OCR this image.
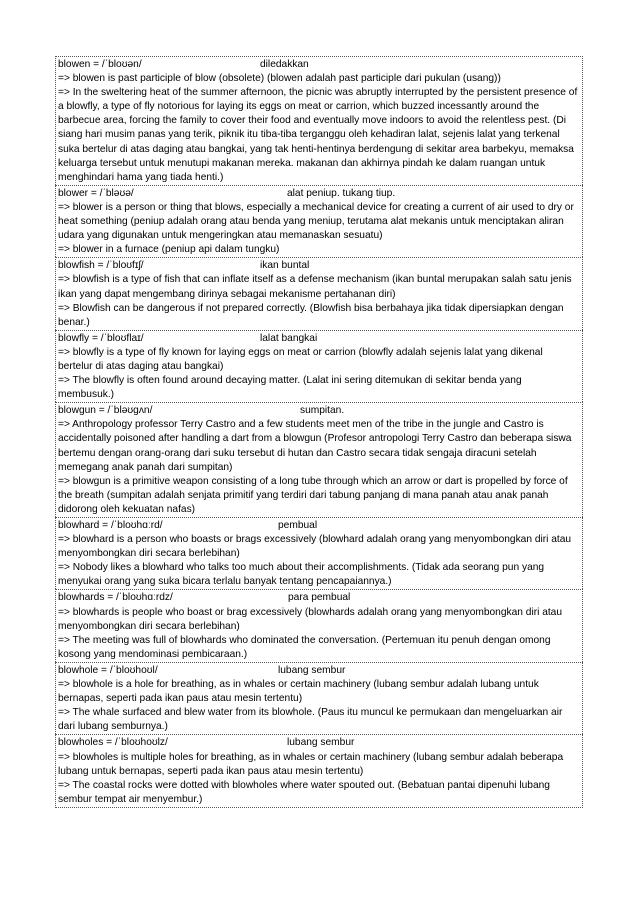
blowen = /ˈbloʊən/	diledakkan
=> blowen is past participle of blow (obsolete) (blowen adalah past participle dari pukulan (usang))
=> In the sweltering heat of the summer afternoon, the picnic was abruptly interrupted by the persistent presence of a blowfly, a type of fly notorious for laying its eggs on meat or carrion, which buzzed incessantly around the barbecue area, forcing the family to cover their food and eventually move indoors to avoid the relentless pest. (Di siang hari musim panas yang terik, piknik itu tiba-tiba terganggu oleh kehadiran lalat, sejenis lalat yang terkenal suka bertelur di atas daging atau bangkai, yang tak henti-hentinya berdengung di sekitar area barbekyu, memaksa keluarga tersebut untuk menutupi makanan mereka. makanan dan akhirnya pindah ke dalam ruangan untuk menghindari hama yang tiada henti.)
blower = /ˈbləʊə/	alat peniup. tukang tiup.
=> blower is a person or thing that blows, especially a mechanical device for creating a current of air used to dry or heat something (peniup adalah orang atau benda yang meniup, terutama alat mekanis untuk menciptakan aliran udara yang digunakan untuk mengeringkan atau memanaskan sesuatu)
=> blower in a furnace (peniup api dalam tungku)
blowfish = /ˈbloʊfɪʃ/	ikan buntal
=> blowfish is a type of fish that can inflate itself as a defense mechanism (ikan buntal merupakan salah satu jenis ikan yang dapat mengembang dirinya sebagai mekanisme pertahanan diri)
=> Blowfish can be dangerous if not prepared correctly. (Blowfish bisa berbahaya jika tidak dipersiapkan dengan benar.)
blowfly = /ˈbloʊflaɪ/	lalat bangkai
=> blowfly is a type of fly known for laying eggs on meat or carrion (blowfly adalah sejenis lalat yang dikenal bertelur di atas daging atau bangkai)
=> The blowfly is often found around decaying matter. (Lalat ini sering ditemukan di sekitar benda yang membusuk.)
blowgun = /ˈbləʊgʌn/	sumpitan.
=> Anthropology professor Terry Castro and a few students meet men of the tribe in the jungle and Castro is accidentally poisoned after handling a dart from a blowgun (Profesor antropologi Terry Castro dan beberapa siswa bertemu dengan orang-orang dari suku tersebut di hutan dan Castro secara tidak sengaja diracuni setelah memegang anak panah dari sumpitan)
=> blowgun is a primitive weapon consisting of a long tube through which an arrow or dart is propelled by force of the breath (sumpitan adalah senjata primitif yang terdiri dari tabung panjang di mana panah atau anak panah didorong oleh kekuatan nafas)
blowhard = /ˈbloʊhɑːrd/	pembual
=> blowhard is a person who boasts or brags excessively (blowhard adalah orang yang menyombongkan diri atau menyombongkan diri secara berlebihan)
=> Nobody likes a blowhard who talks too much about their accomplishments. (Tidak ada seorang pun yang menyukai orang yang suka bicara terlalu banyak tentang pencapaiannya.)
blowhards = /ˈbloʊhɑːrdz/	para pembual
=> blowhards is people who boast or brag excessively (blowhards adalah orang yang menyombongkan diri atau menyombongkan diri secara berlebihan)
=> The meeting was full of blowhards who dominated the conversation. (Pertemuan itu penuh dengan omong kosong yang mendominasi pembicaraan.)
blowhole = /ˈbloʊhoʊl/	lubang sembur
=> blowhole is a hole for breathing, as in whales or certain machinery (lubang sembur adalah lubang untuk bernapas, seperti pada ikan paus atau mesin tertentu)
=> The whale surfaced and blew water from its blowhole. (Paus itu muncul ke permukaan dan mengeluarkan air dari lubang semburnya.)
blowholes = /ˈbloʊhoʊlz/	lubang sembur
=> blowholes is multiple holes for breathing, as in whales or certain machinery (lubang sembur adalah beberapa lubang untuk bernapas, seperti pada ikan paus atau mesin tertentu)
=> The coastal rocks were dotted with blowholes where water spouted out. (Bebatuan pantai dipenuhi lubang sembur tempat air menyembur.)
